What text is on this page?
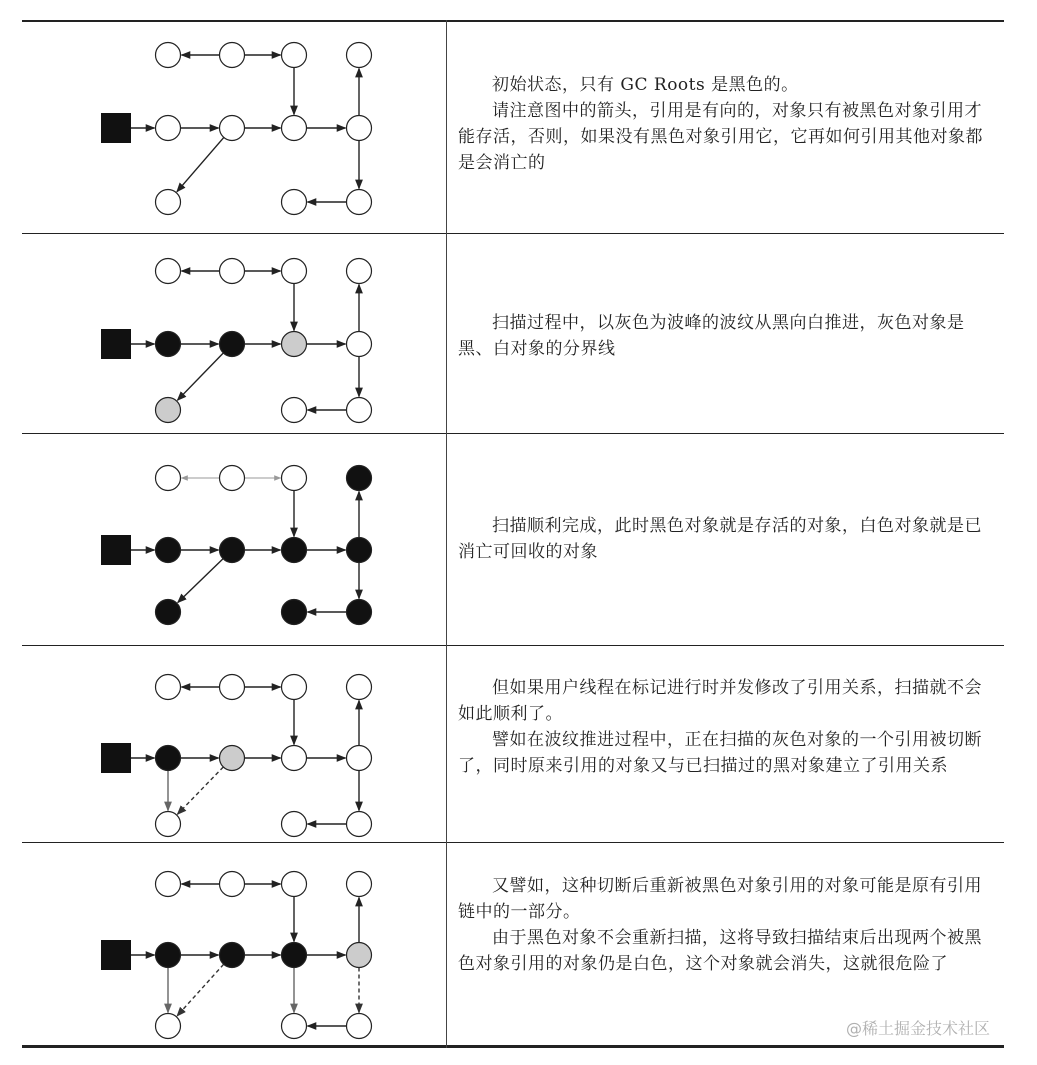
初始状态，只有 GC Roots 是黑色的。

请注意图中的箭头，引用是有向的，对象只有被黑色对象引用才能存活，否则，如果没有黑色对象引用它，它再如何引用其他对象都是会消亡的

扫描过程中，以灰色为波峰的波纹从黑向白推进，灰色对象是黑、白对象的分界线

扫描顺利完成，此时黑色对象就是存活的对象，白色对象就是已消亡可回收的对象

但如果用户线程在标记进行时并发修改了引用关系，扫描就不会如此顺利了。

譬如在波纹推进过程中，正在扫描的灰色对象的一个引用被切断了，同时原来引用的对象又与已扫描过的黑对象建立了引用关系

又譬如，这种切断后重新被黑色对象引用的对象可能是原有引用链中的一部分。

由于黑色对象不会重新扫描，这将导致扫描结束后出现两个被黑色对象引用的对象仍是白色，这个对象就会消失，这就很危险了

@稀土掘金技术社区
